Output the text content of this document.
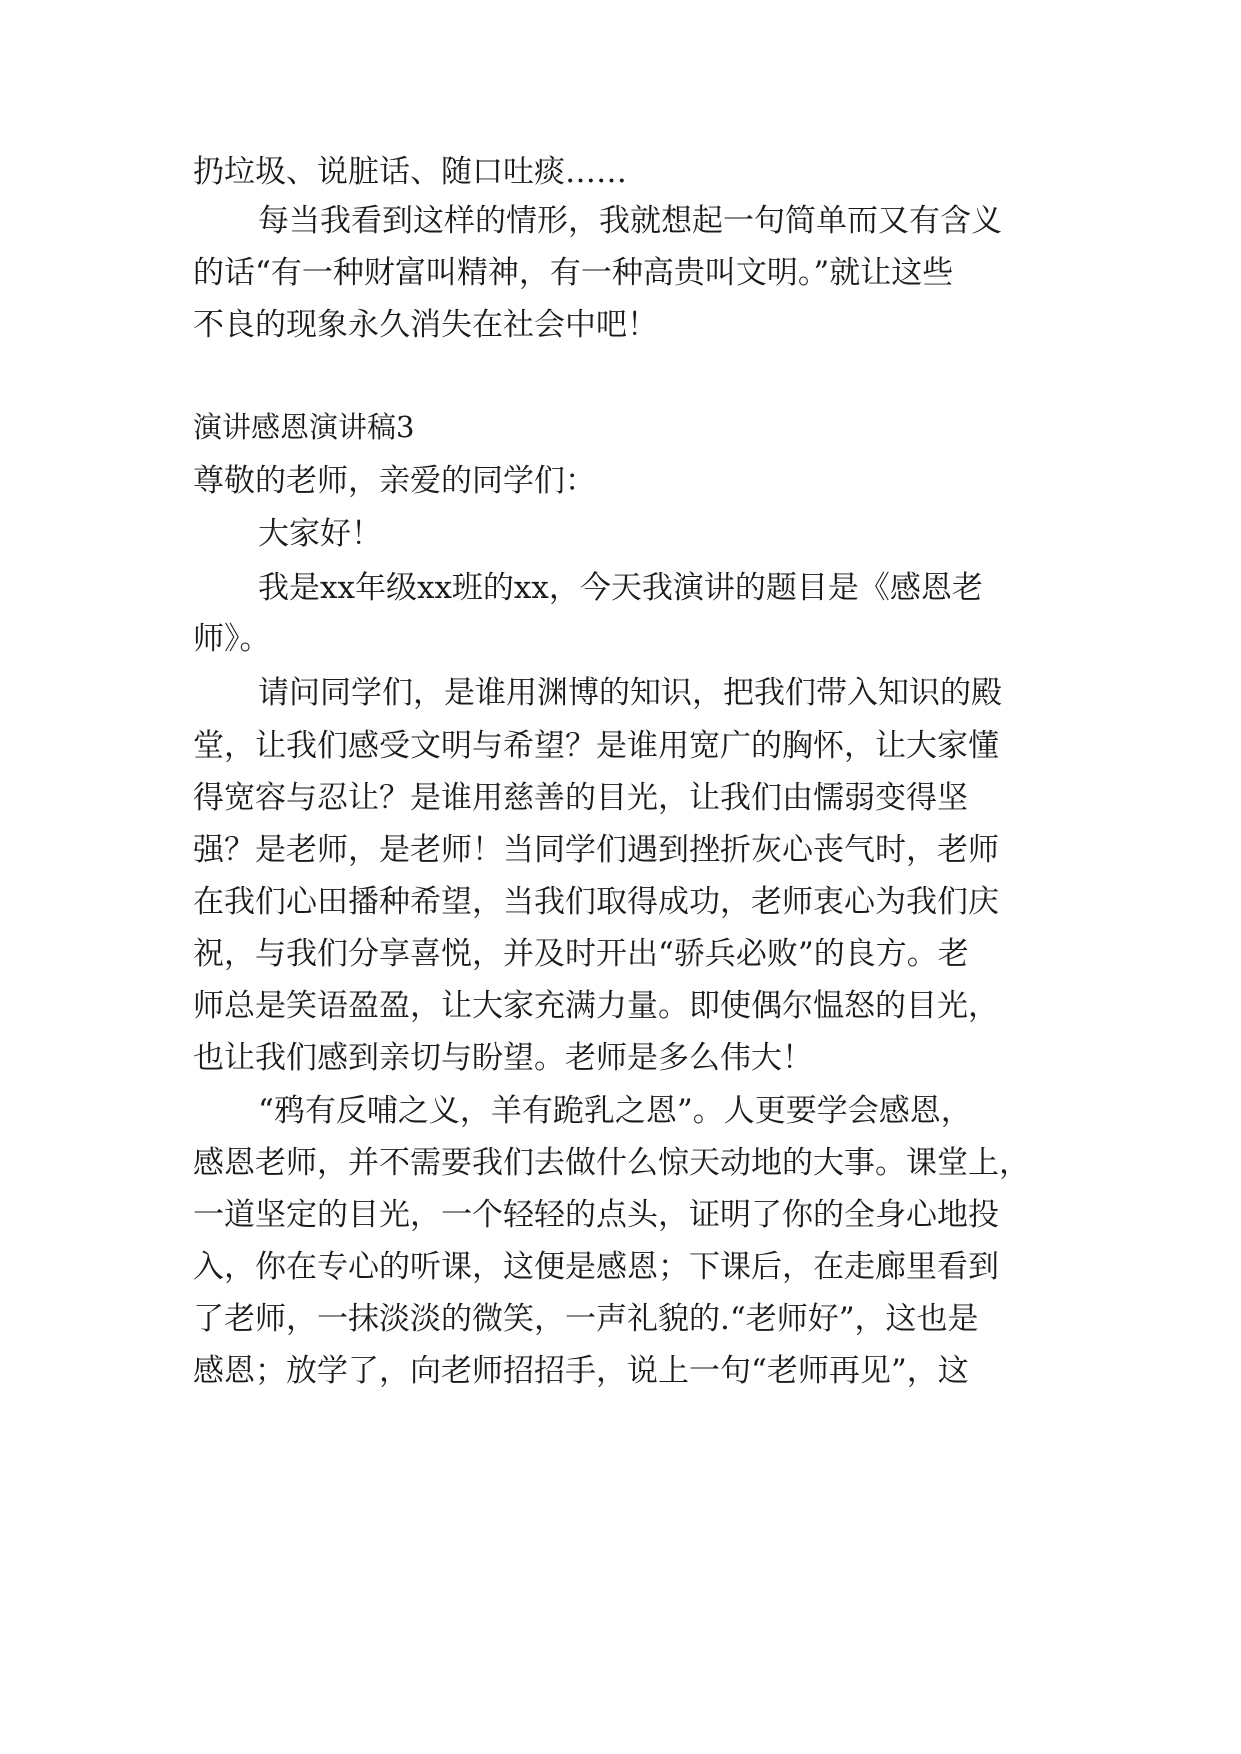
扔垃圾、说脏话、随口吐痰……
每当我看到这样的情形，我就想起一句简单而又有含义
的话“有一种财富叫精神，有一种高贵叫文明。”就让这些
不良的现象永久消失在社会中吧！
演讲感恩演讲稿3
尊敬的老师，亲爱的同学们：
大家好！
我是xx年级xx班的xx，今天我演讲的题目是《感恩老
师》。
请问同学们，是谁用渊博的知识，把我们带入知识的殿
堂，让我们感受文明与希望？是谁用宽广的胸怀，让大家懂
得宽容与忍让？是谁用慈善的目光，让我们由懦弱变得坚
强？是老师，是老师！当同学们遇到挫折灰心丧气时，老师
在我们心田播种希望，当我们取得成功，老师衷心为我们庆
祝，与我们分享喜悦，并及时开出“骄兵必败”的良方。老
师总是笑语盈盈，让大家充满力量。即使偶尔愠怒的目光，
也让我们感到亲切与盼望。老师是多么伟大！
“鸦有反哺之义，羊有跪乳之恩”。人更要学会感恩，
感恩老师，并不需要我们去做什么惊天动地的大事。课堂上，
一道坚定的目光，一个轻轻的点头，证明了你的全身心地投
入，你在专心的听课，这便是感恩；下课后，在走廊里看到
了老师，一抹淡淡的微笑，一声礼貌的.“老师好”，这也是
感恩；放学了，向老师招招手，说上一句“老师再见”，这
